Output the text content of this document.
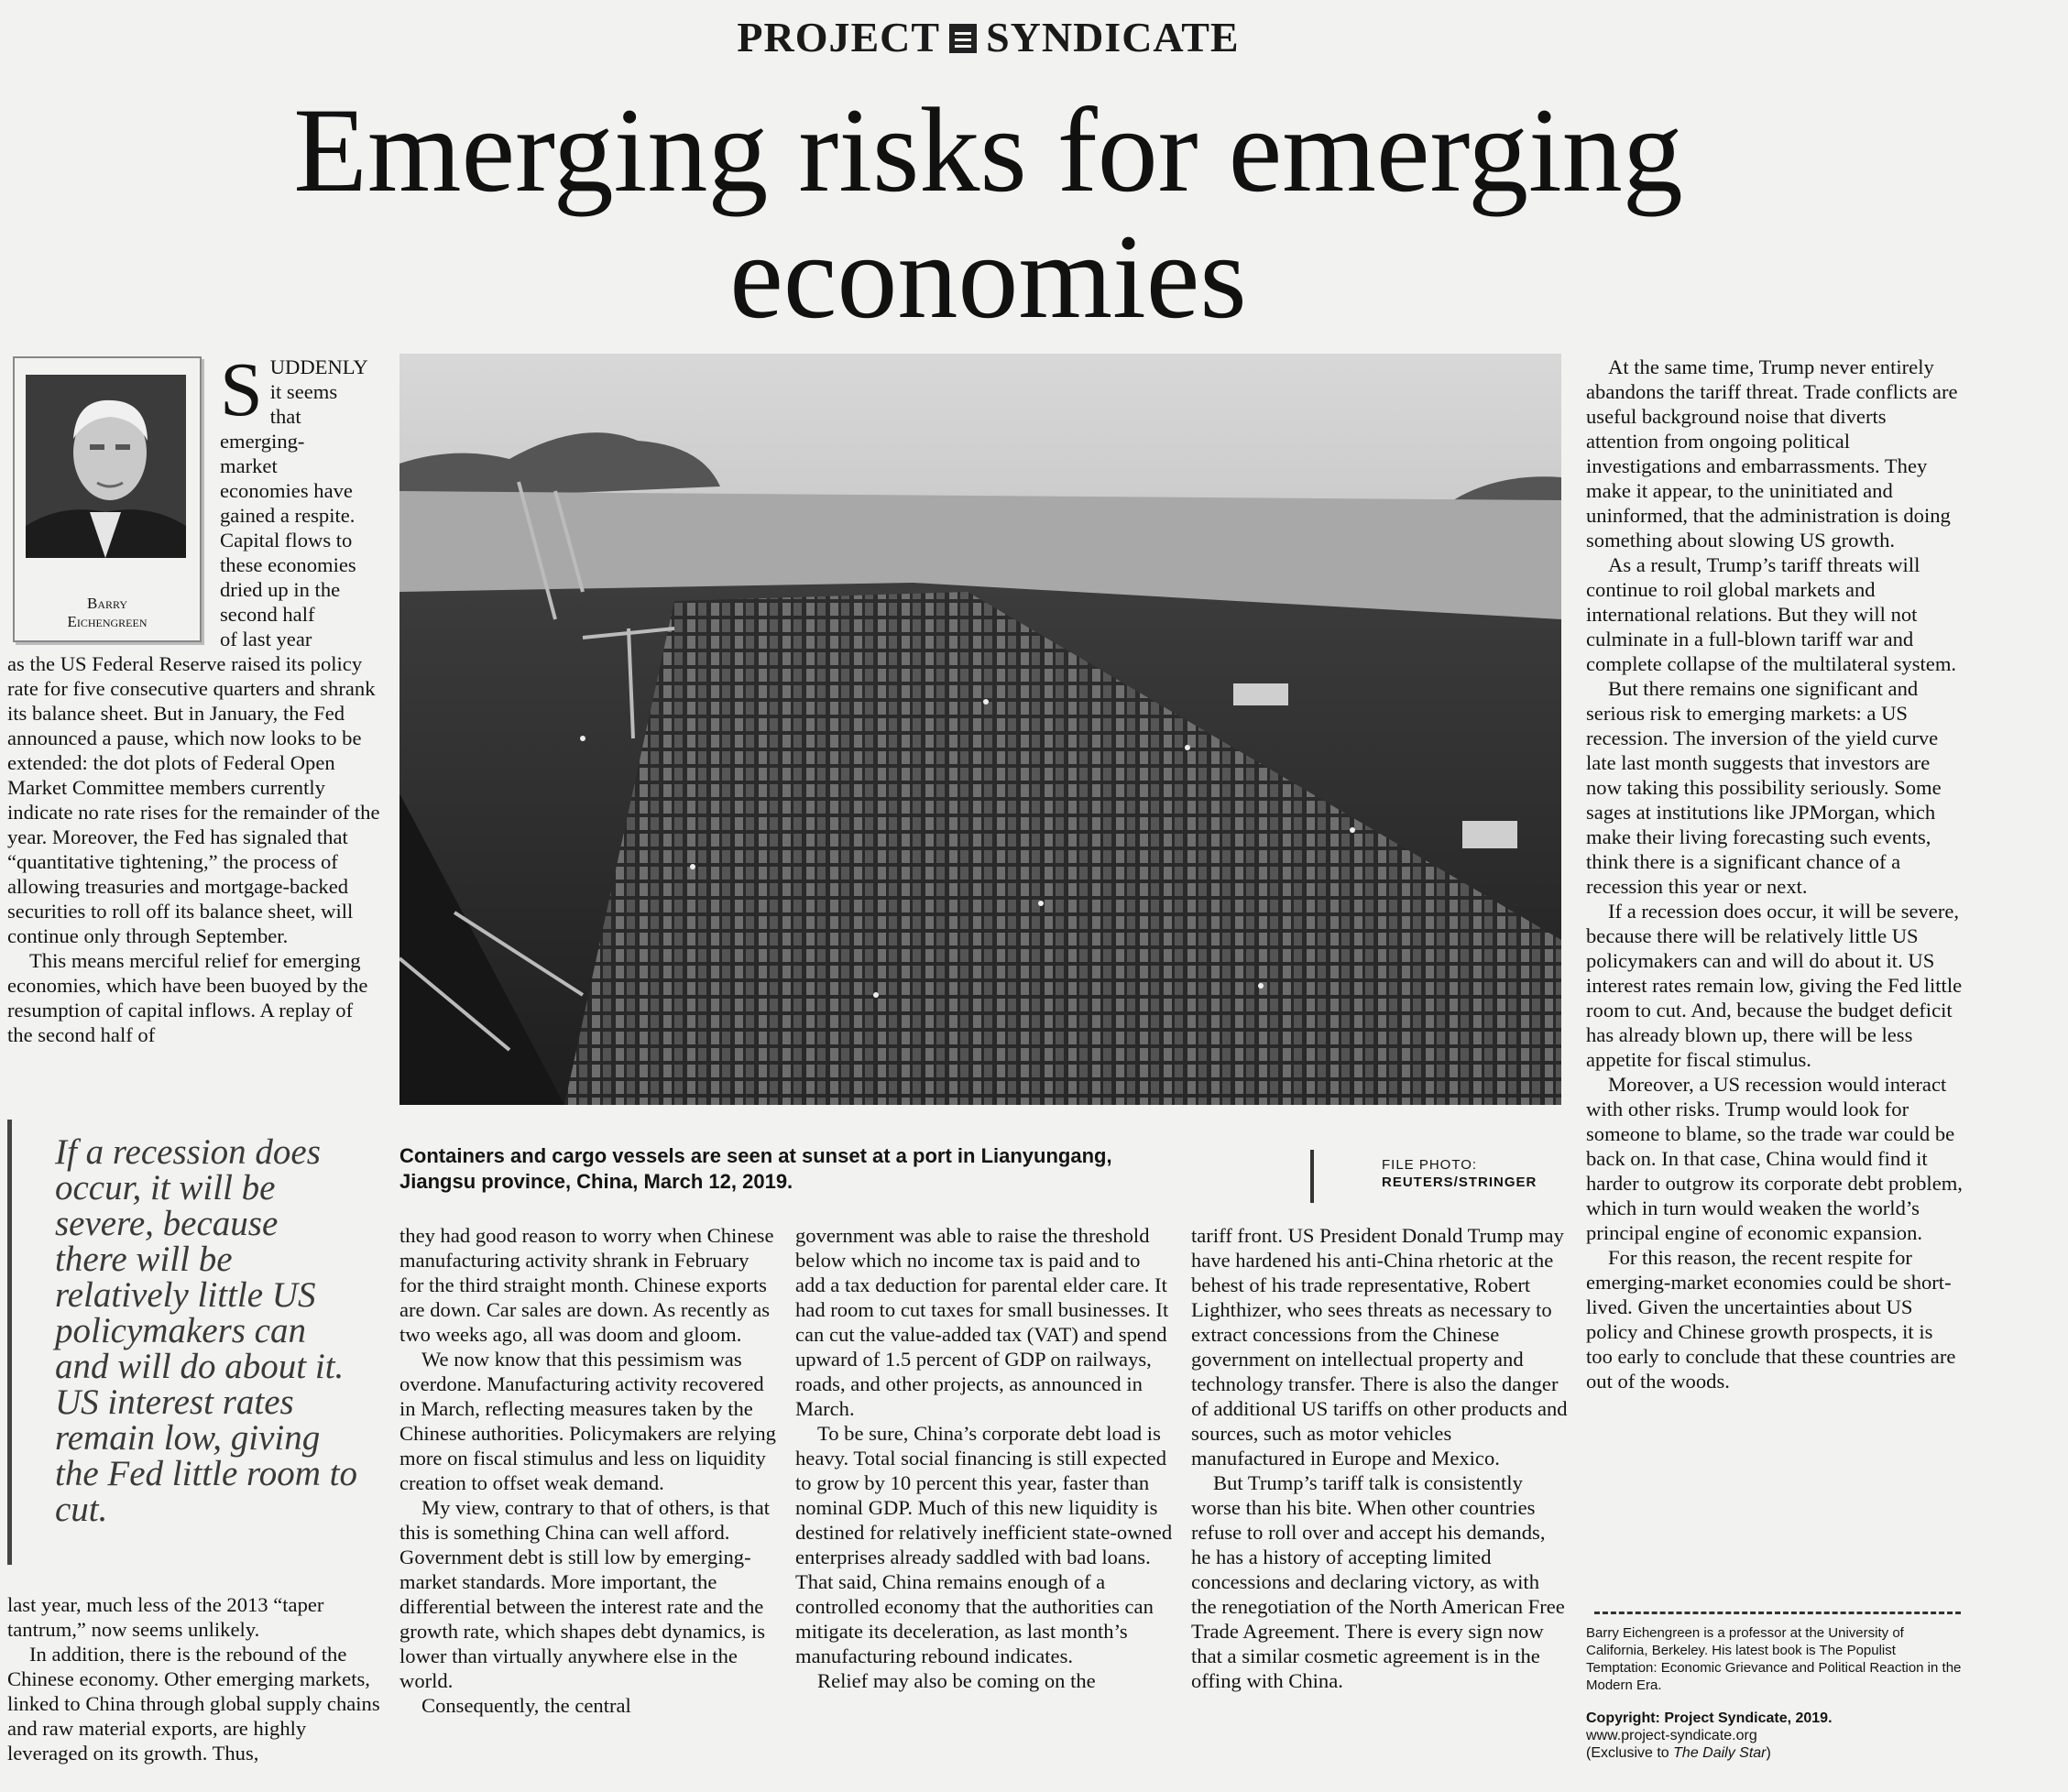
PROJECT SYNDICATE
Emerging risks for emerging
economies
Barry
Eichengreen
S UDDENLY
it seems
that
emerging-
market
economies have
gained a respite.
Capital flows to
these economies
dried up in the
second half
of last year

as the US Federal Reserve raised its policy rate for five consecutive quarters and shrank its balance sheet. But in January, the Fed announced a pause, which now looks to be extended: the dot plots of Federal Open Market Committee members currently indicate no rate rises for the remainder of the year. Moreover, the Fed has signaled that “quantitative tightening,” the process of allowing treasuries and mortgage-backed securities to roll off its balance sheet, will continue only through September.

This means merciful relief for emerging economies, which have been buoyed by the resumption of capital inflows. A replay of the second half of

If a recession does occur, it will be severe, because there will be relatively little US policymakers can and will do about it. US interest rates remain low, giving the Fed little room to cut.

last year, much less of the 2013 “taper tantrum,” now seems unlikely.

In addition, there is the rebound of the Chinese economy. Other emerging markets, linked to China through global supply chains and raw material exports, are highly leveraged on its growth. Thus,

Containers and cargo vessels are seen at sunset at a port in Lianyungang, Jiangsu province, China, March 12, 2019.
FILE PHOTO:
REUTERS/STRINGER

they had good reason to worry when Chinese manufacturing activity shrank in February for the third straight month. Chinese exports are down. Car sales are down. As recently as two weeks ago, all was doom and gloom.

We now know that this pessimism was overdone. Manufacturing activity recovered in March, reflecting measures taken by the Chinese authorities. Policymakers are relying more on fiscal stimulus and less on liquidity creation to offset weak demand.

My view, contrary to that of others, is that this is something China can well afford. Government debt is still low by emerging-market standards. More important, the differential between the interest rate and the growth rate, which shapes debt dynamics, is lower than virtually anywhere else in the world.

Consequently, the central

government was able to raise the threshold below which no income tax is paid and to add a tax deduction for parental elder care. It had room to cut taxes for small businesses. It can cut the value-added tax (VAT) and spend upward of 1.5 percent of GDP on railways, roads, and other projects, as announced in March.

To be sure, China’s corporate debt load is heavy. Total social financing is still expected to grow by 10 percent this year, faster than nominal GDP. Much of this new liquidity is destined for relatively inefficient state-owned enterprises already saddled with bad loans. That said, China remains enough of a controlled economy that the authorities can mitigate its deceleration, as last month’s manufacturing rebound indicates.

Relief may also be coming on the

tariff front. US President Donald Trump may have hardened his anti-China rhetoric at the behest of his trade representative, Robert Lighthizer, who sees threats as necessary to extract concessions from the Chinese government on intellectual property and technology transfer. There is also the danger of additional US tariffs on other products and sources, such as motor vehicles manufactured in Europe and Mexico.

But Trump’s tariff talk is consistently worse than his bite. When other countries refuse to roll over and accept his demands, he has a history of accepting limited concessions and declaring victory, as with the renegotiation of the North American Free Trade Agreement. There is every sign now that a similar cosmetic agreement is in the offing with China.

At the same time, Trump never entirely abandons the tariff threat. Trade conflicts are useful background noise that diverts attention from ongoing political investigations and embarrassments. They make it appear, to the uninitiated and uninformed, that the administration is doing something about slowing US growth.

As a result, Trump’s tariff threats will continue to roil global markets and international relations. But they will not culminate in a full-blown tariff war and complete collapse of the multilateral system.

But there remains one significant and serious risk to emerging markets: a US recession. The inversion of the yield curve late last month suggests that investors are now taking this possibility seriously. Some sages at institutions like JPMorgan, which make their living forecasting such events, think there is a significant chance of a recession this year or next.

If a recession does occur, it will be severe, because there will be relatively little US policymakers can and will do about it. US interest rates remain low, giving the Fed little room to cut. And, because the budget deficit has already blown up, there will be less appetite for fiscal stimulus.

Moreover, a US recession would interact with other risks. Trump would look for someone to blame, so the trade war could be back on. In that case, China would find it harder to outgrow its corporate debt problem, which in turn would weaken the world’s principal engine of economic expansion.

For this reason, the recent respite for emerging-market economies could be short-lived. Given the uncertainties about US policy and Chinese growth prospects, it is too early to conclude that these countries are out of the woods.

Barry Eichengreen is a professor at the University of California, Berkeley. His latest book is The Populist Temptation: Economic Grievance and Political Reaction in the Modern Era.
Copyright: Project Syndicate, 2019.
www.project-syndicate.org
(Exclusive to The Daily Star)
